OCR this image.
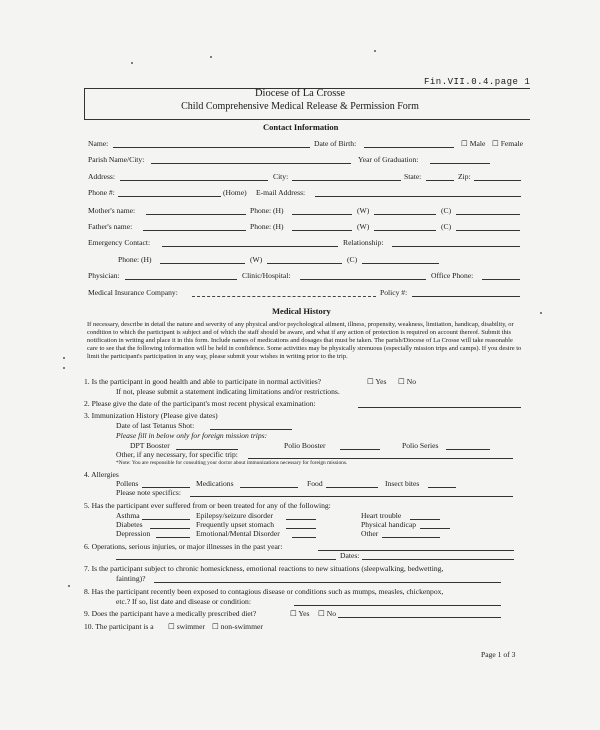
Fin.VII.0.4.page 1
Diocese of La Crosse
Child Comprehensive Medical Release & Permission Form
Contact Information
Name:	Date of Birth:	☐ Male ☐ Female
Parish Name/City:	Year of Graduation:
Address:	City:	State:	Zip:
Phone #:	(Home) E-mail Address:
Mother's name:	Phone: (H)	(W)	(C)
Father's name:	Phone: (H)	(W)	(C)
Emergency Contact:	Relationship:
Phone: (H)	(W)	(C)
Physician:	Clinic/Hospital:	Office Phone:
Medical Insurance Company:	Policy #:
Medical History
If necessary, describe in detail the nature and severity of any physical and/or psychological ailment, illness, propensity, weakness, limitation, handicap, disability, or condition to which the participant is subject and of which the staff should be aware, and what if any action of protection is required on account thereof. Submit this notification in writing and place it in this form. Include names of medications and dosages that must be taken. The parish/Diocese of La Crosse will take reasonable care to see that the following information will be held in confidence. Some activities may be physically strenuous (especially mission trips and camps). If you desire to limit the participant's participation in any way, please submit your wishes in writing prior to the trip.
1. Is the participant in good health and able to participate in normal activities?	☐ Yes ☐ No
If not, please submit a statement indicating limitations and/or restrictions.
2. Please give the date of the participant's most recent physical examination:
3. Immunization History (Please give dates)
Date of last Tetanus Shot:
Please fill in below only for foreign mission trips:
DPT Booster	Polio Booster	Polio Series
Other, if any necessary, for specific trip:
*Note: You are responsible for consulting your doctor about immunizations necessary for foreign missions.
4. Allergies
Pollens	Medications	Food	Insect bites
Please note specifics:
5. Has the participant ever suffered from or been treated for any of the following:
Asthma	Epilepsy/seizure disorder	Heart trouble
Diabetes	Frequently upset stomach	Physical handicap
Depression	Emotional/Mental Disorder	Other
6. Operations, serious injuries, or major illnesses in the past year:
Dates:
7. Is the participant subject to chronic homesickness, emotional reactions to new situations (sleepwalking, bedwetting,
fainting)?
8. Has the participant recently been exposed to contagious disease or conditions such as mumps, measles, chickenpox,
etc.? If so, list date and disease or condition:
9. Does the participant have a medically prescribed diet?	☐ Yes ☐ No
10. The participant is a ☐ swimmer ☐ non-swimmer
Page 1 of 3
